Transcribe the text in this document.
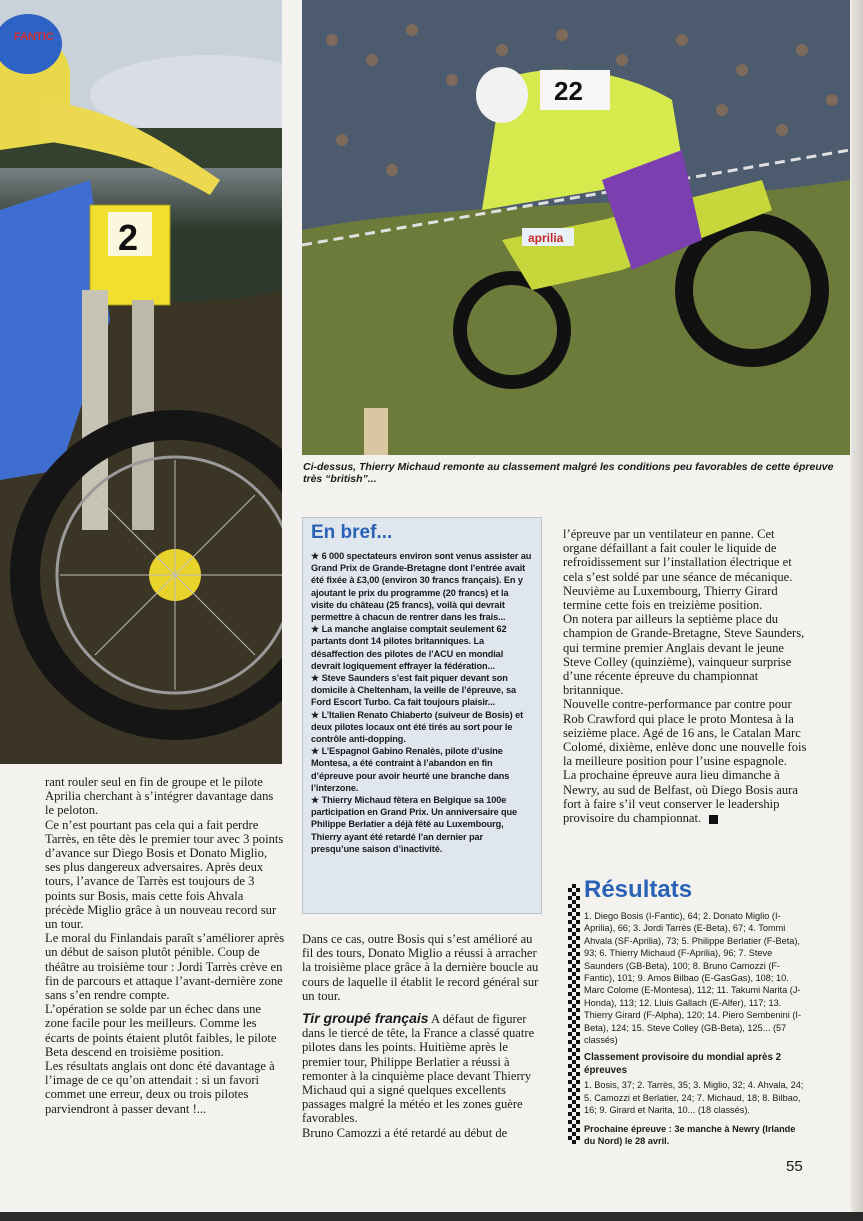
FANTIC
2	aprilia
22
Ci-dessus, Thierry Michaud remonte au classement malgré les conditions peu favorables de cette épreuve très “british”...

rant rouler seul en fin de groupe et le pilote Aprilia cherchant à s’intégrer davantage dans le peloton.

Ce n’est pourtant pas cela qui a fait perdre Tarrès, en tête dès le premier tour avec 3 points d’avance sur Diego Bosis et Donato Miglio, ses plus dangereux adversaires. Après deux tours, l’avance de Tarrès est toujours de 3 points sur Bosis, mais cette fois Ahvala précède Miglio grâce à un nouveau record sur un tour.

Le moral du Finlandais paraît s’améliorer après un début de saison plutôt pénible. Coup de théâtre au troisième tour : Jordi Tarrès crève en fin de parcours et attaque l’avant-dernière zone sans s’en rendre compte.

L’opération se solde par un échec dans une zone facile pour les meilleurs. Comme les écarts de points étaient plutôt faibles, le pilote Beta descend en troisième position.

Les résultats anglais ont donc été davantage à l’image de ce qu’on attendait : si un favori commet une erreur, deux ou trois pilotes parviendront à passer devant !...

En bref...

★ 6 000 spectateurs environ sont venus assister au Grand Prix de Grande-Bretagne dont l’entrée avait été fixée à £3,00 (environ 30 francs français). En y ajoutant le prix du programme (20 francs) et la visite du château (25 francs), voilà qui devrait permettre à chacun de rentrer dans les frais...

★ La manche anglaise comptait seulement 62 partants dont 14 pilotes britanniques. La désaffection des pilotes de l’ACU en mondial devrait logiquement effrayer la fédération...

★ Steve Saunders s’est fait piquer devant son domicile à Cheltenham, la veille de l’épreuve, sa Ford Escort Turbo. Ca fait toujours plaisir...

★ L’Italien Renato Chiaberto (suiveur de Bosis) et deux pilotes locaux ont été tirés au sort pour le contrôle anti-dopping.

★ L’Espagnol Gabino Renalès, pilote d’usine Montesa, a été contraint à l’abandon en fin d’épreuve pour avoir heurté une branche dans l’interzone.

★ Thierry Michaud fêtera en Belgique sa 100e participation en Grand Prix. Un anniversaire que Philippe Berlatier a déjà fêté au Luxembourg, Thierry ayant été retardé l’an dernier par presqu’une saison d’inactivité.

Dans ce cas, outre Bosis qui s’est amélioré au fil des tours, Donato Miglio a réussi à arracher la troisième place grâce à la dernière boucle au cours de laquelle il établit le record général sur un tour.

Tir groupé français A défaut de figurer dans le tiercé de tête, la France a classé quatre pilotes dans les points. Huitième après le premier tour, Philippe Berlatier a réussi à remonter à la cinquième place devant Thierry Michaud qui a signé quelques excellents passages malgré la météo et les zones guère favorables.

Bruno Camozzi a été retardé au début de

l’épreuve par un ventilateur en panne. Cet organe défaillant a fait couler le liquide de refroidissement sur l’installation électrique et cela s’est soldé par une séance de mécanique.

Neuvième au Luxembourg, Thierry Girard termine cette fois en treizième position.

On notera par ailleurs la septième place du champion de Grande-Bretagne, Steve Saunders, qui termine premier Anglais devant le jeune Steve Colley (quinzième), vainqueur surprise d’une récente épreuve du championnat britannique.

Nouvelle contre-performance par contre pour Rob Crawford qui place le proto Montesa à la seizième place. Agé de 16 ans, le Catalan Marc Colomé, dixième, enlève donc une nouvelle fois la meilleure position pour l’usine espagnole.

La prochaine épreuve aura lieu dimanche à Newry, au sud de Belfast, où Diego Bosis aura fort à faire s’il veut conserver le leadership provisoire du championnat.

Résultats

1. Diego Bosis (I-Fantic), 64; 2. Donato Miglio (I-Aprilia), 66; 3. Jordi Tarrès (E-Beta), 67; 4. Tommi Ahvala (SF-Aprilia), 73; 5. Philippe Berlatier (F-Beta), 93; 6. Thierry Michaud (F-Aprilia), 96; 7. Steve Saunders (GB-Beta), 100; 8. Bruno Camozzi (F-Fantic), 101; 9. Amos Bilbao (E-GasGas), 108; 10. Marc Colome (E-Montesa), 112; 11. Takumi Narita (J-Honda), 113; 12. Lluis Gallach (E-Alfer), 117; 13. Thierry Girard (F-Alpha), 120; 14. Piero Sembenini (I-Beta), 124; 15. Steve Colley (GB-Beta), 125... (57 classés)

Classement provisoire du mondial après 2 épreuves

1. Bosis, 37; 2. Tarrès, 35; 3. Miglio, 32; 4. Ahvala, 24; 5. Camozzi et Berlatier, 24; 7. Michaud, 18; 8. Bilbao, 16; 9. Girard et Narita, 10... (18 classés).

Prochaine épreuve : 3e manche à Newry (Irlande du Nord) le 28 avril.

55
